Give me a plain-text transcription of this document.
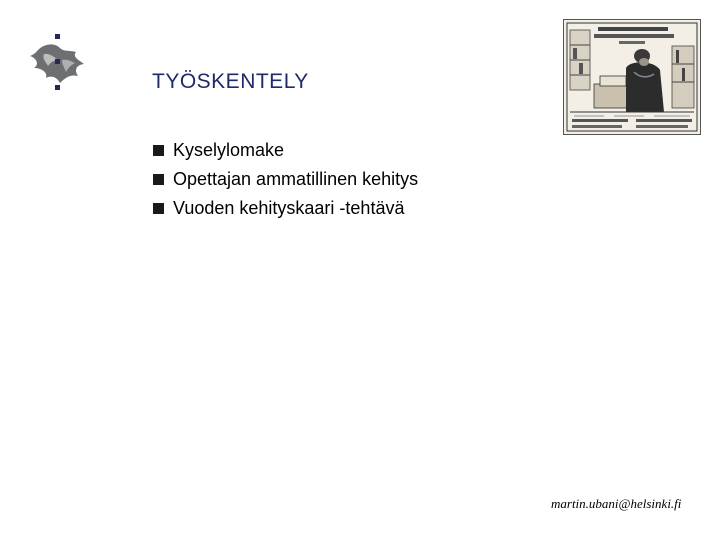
TYÖSKENTELY
Kyselylomake
Opettajan ammatillinen kehitys
Vuoden kehityskaari -tehtävä
martin.ubani@helsinki.fi
